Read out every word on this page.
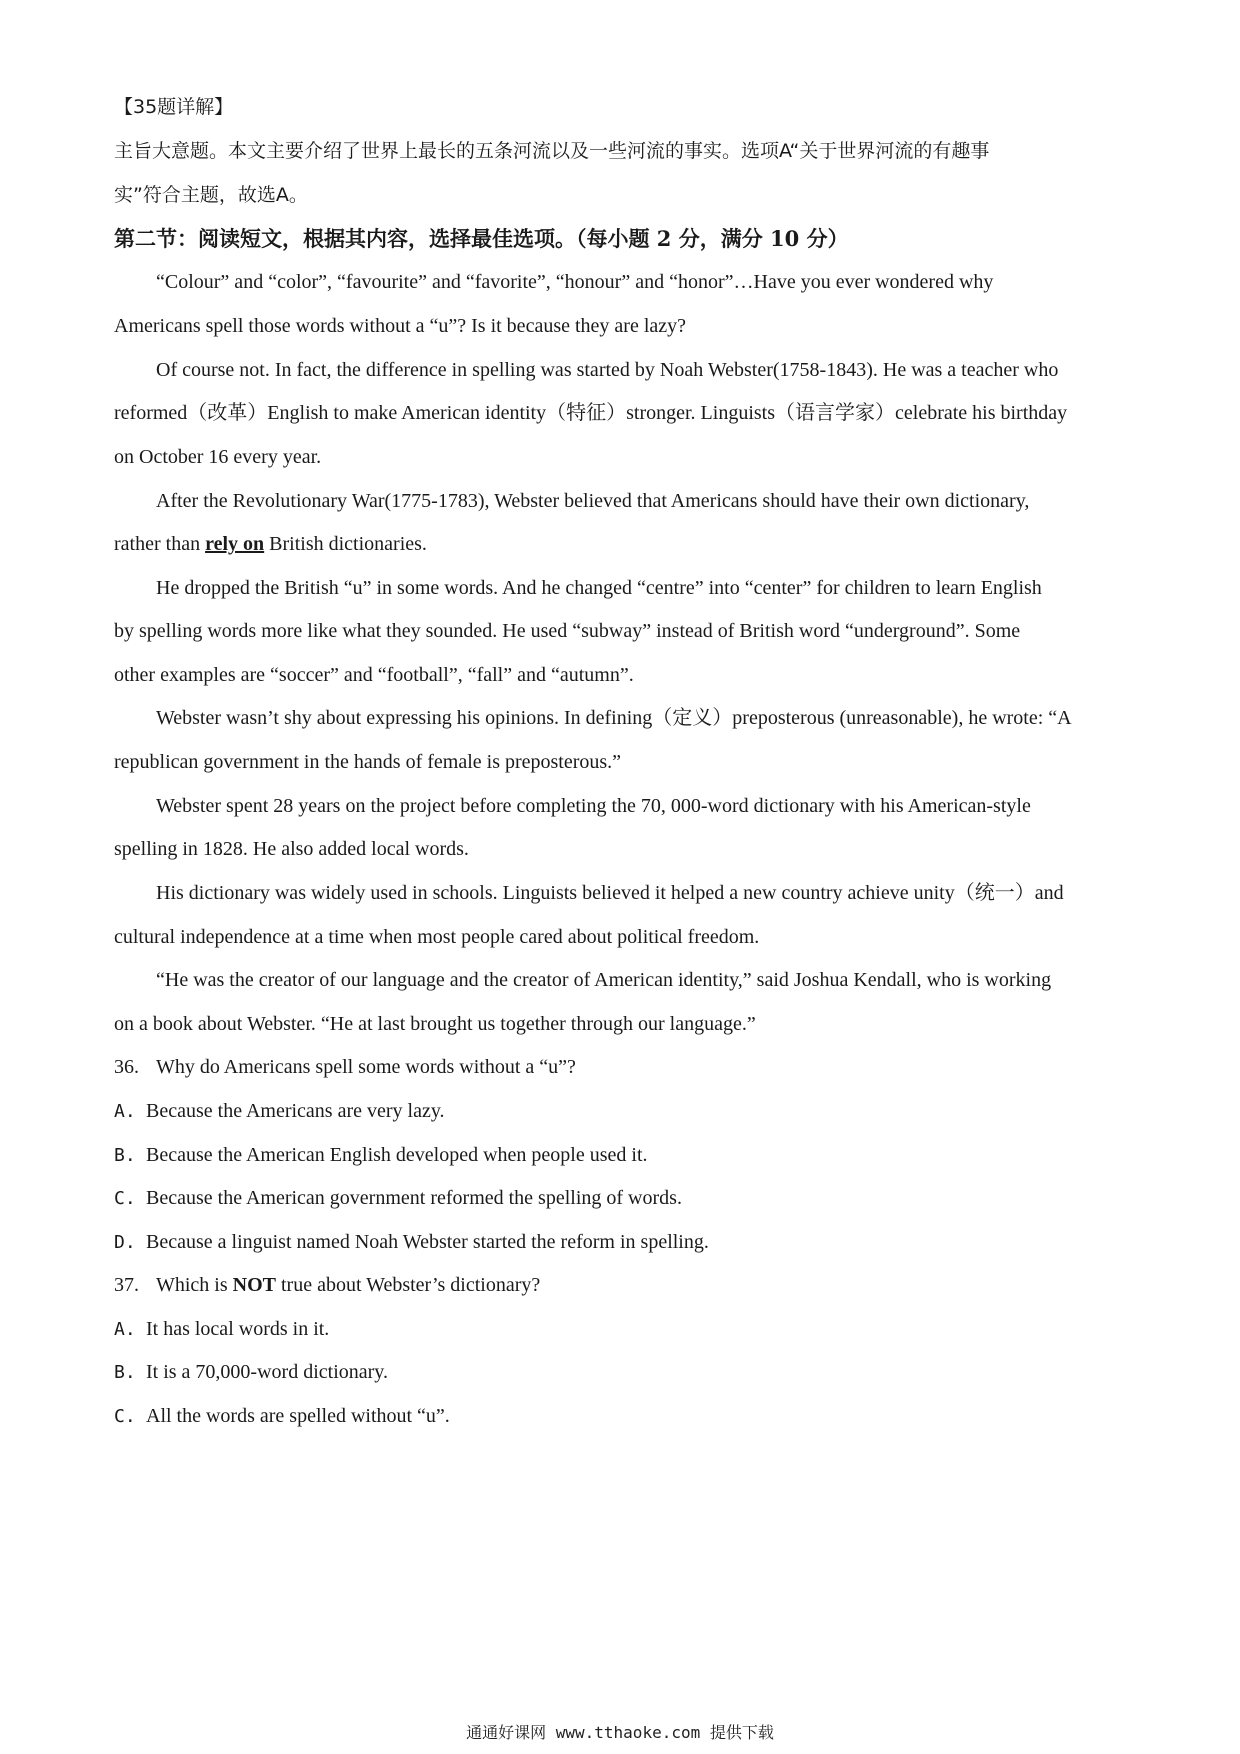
【35题详解】
主旨大意题。本文主要介绍了世界上最长的五条河流以及一些河流的事实。选项A“关于世界河流的有趣事
实”符合主题，故选A。
第二节：阅读短文，根据其内容，选择最佳选项。（每小题 2 分，满分 10 分）
“Colour” and “color”, “favourite” and “favorite”, “honour” and “honor”…Have you ever wondered why
Americans spell those words without a “u”? Is it because they are lazy?
Of course not. In fact, the difference in spelling was started by Noah Webster(1758-1843). He was a teacher who
reformed（改革）English to make American identity（特征）stronger. Linguists（语言学家）celebrate his birthday
on October 16 every year.
After the Revolutionary War(1775-1783), Webster believed that Americans should have their own dictionary,
rather than rely on British dictionaries.
He dropped the British “u” in some words. And he changed “centre” into “center” for children to learn English
by spelling words more like what they sounded. He used “subway” instead of British word “underground”. Some
other examples are “soccer” and “football”, “fall” and “autumn”.
Webster wasn’t shy about expressing his opinions. In defining（定义）preposterous (unreasonable), he wrote: “A
republican government in the hands of female is preposterous.”
Webster spent 28 years on the project before completing the 70, 000-word dictionary with his American-style
spelling in 1828. He also added local words.
His dictionary was widely used in schools. Linguists believed it helped a new country achieve unity（统一）and
cultural independence at a time when most people cared about political freedom.
“He was the creator of our language and the creator of American identity,” said Joshua Kendall, who is working
on a book about Webster. “He at last brought us together through our language.”
36. Why do Americans spell some words without a “u”?
A. Because the Americans are very lazy.
B. Because the American English developed when people used it.
C. Because the American government reformed the spelling of words.
D. Because a linguist named Noah Webster started the reform in spelling.
37. Which is NOT true about Webster’s dictionary?
A. It has local words in it.
B. It is a 70,000-word dictionary.
C. All the words are spelled without “u”.
通通好课网 www.tthaoke.com 提供下载
